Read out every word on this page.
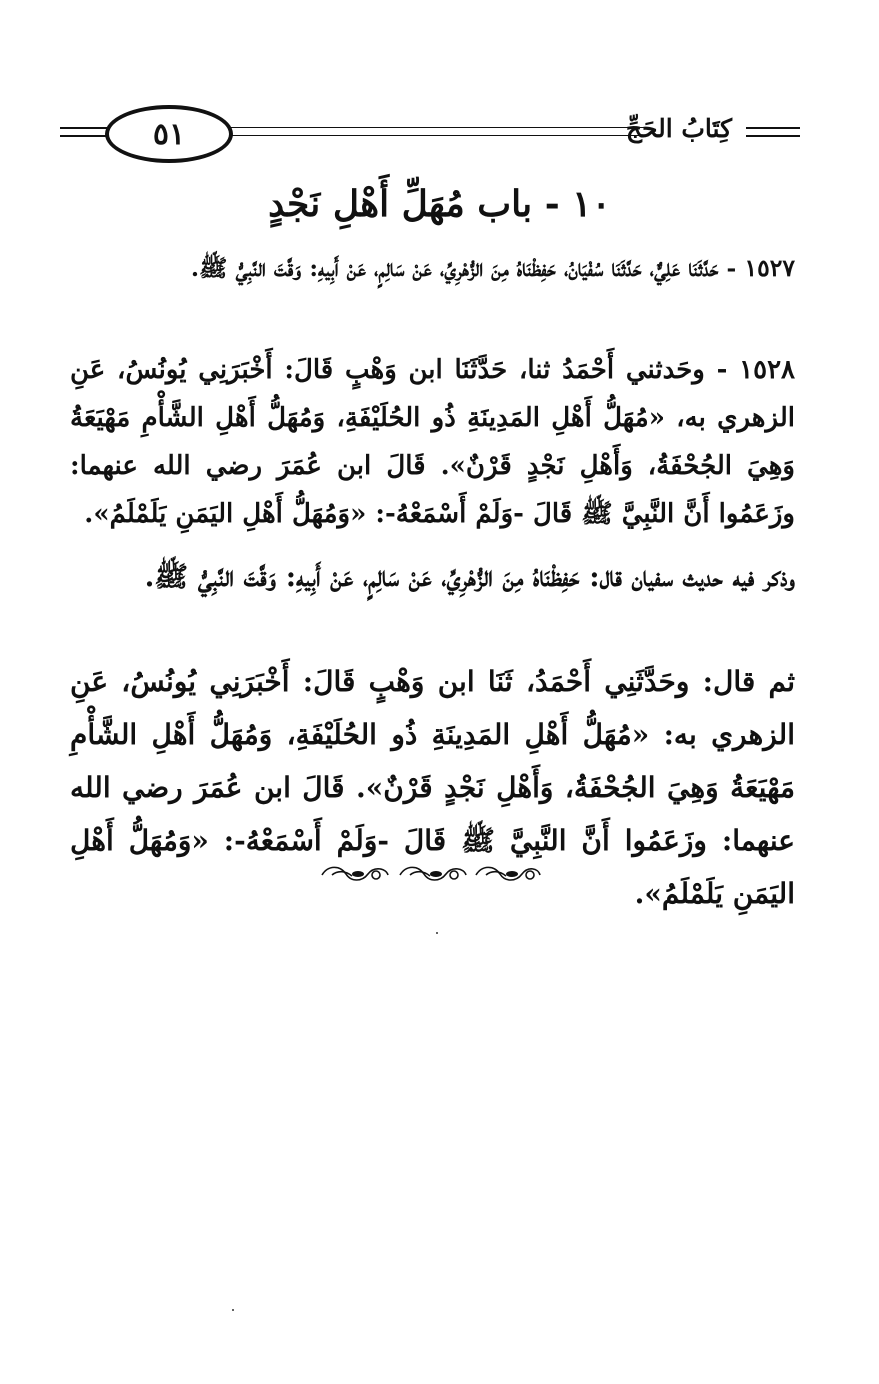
٥١	كِتَابُ الحَجِّ
١٠ - باب مُهَلِّ أَهْلِ نَجْدٍ

١٥٢٧ - حَدَّثَنَا عَلِيٌّ، حَدَّثَنَا سُفْيَانُ، حَفِظْنَاهُ مِنَ الزُّهْرِيِّ، عَنْ سَالِمٍ، عَنْ أَبِيهِ: وَقَّتَ النَّبِيُّ ﷺ.

١٥٢٨ - وحَدثني أَحْمَدُ ثنا، حَدَّثَنَا ابن وَهْبٍ قَالَ: أَخْبَرَنِي يُونُسُ، عَنِ الزهري به، «مُهَلُّ أَهْلِ المَدِينَةِ ذُو الحُلَيْفَةِ، وَمُهَلُّ أَهْلِ الشَّأْمِ مَهْيَعَةُ وَهِيَ الجُحْفَةُ، وَأَهْلِ نَجْدٍ قَرْنٌ». قَالَ ابن عُمَرَ رضي الله عنهما: وزَعَمُوا أَنَّ النَّبِيَّ ﷺ قَالَ -وَلَمْ أَسْمَعْهُ-: «وَمُهَلُّ أَهْلِ اليَمَنِ يَلَمْلَمُ».

وذكر فيه حديث سفيان قال: حَفِظْنَاهُ مِنَ الزُّهْرِيِّ، عَنْ سَالِمٍ، عَنْ أَبِيهِ: وَقَّتَ النَّبِيُّ ﷺ.

ثم قال: وحَدَّثَنِي أَحْمَدُ، ثَنَا ابن وَهْبٍ قَالَ: أَخْبَرَنِي يُونُسُ، عَنِ الزهري به: «مُهَلُّ أَهْلِ المَدِينَةِ ذُو الحُلَيْفَةِ، وَمُهَلُّ أَهْلِ الشَّأْمِ مَهْيَعَةُ وَهِيَ الجُحْفَةُ، وَأَهْلِ نَجْدٍ قَرْنٌ». قَالَ ابن عُمَرَ رضي الله عنهما: وزَعَمُوا أَنَّ النَّبِيَّ ﷺ قَالَ -وَلَمْ أَسْمَعْهُ-: «وَمُهَلُّ أَهْلِ اليَمَنِ يَلَمْلَمُ».
